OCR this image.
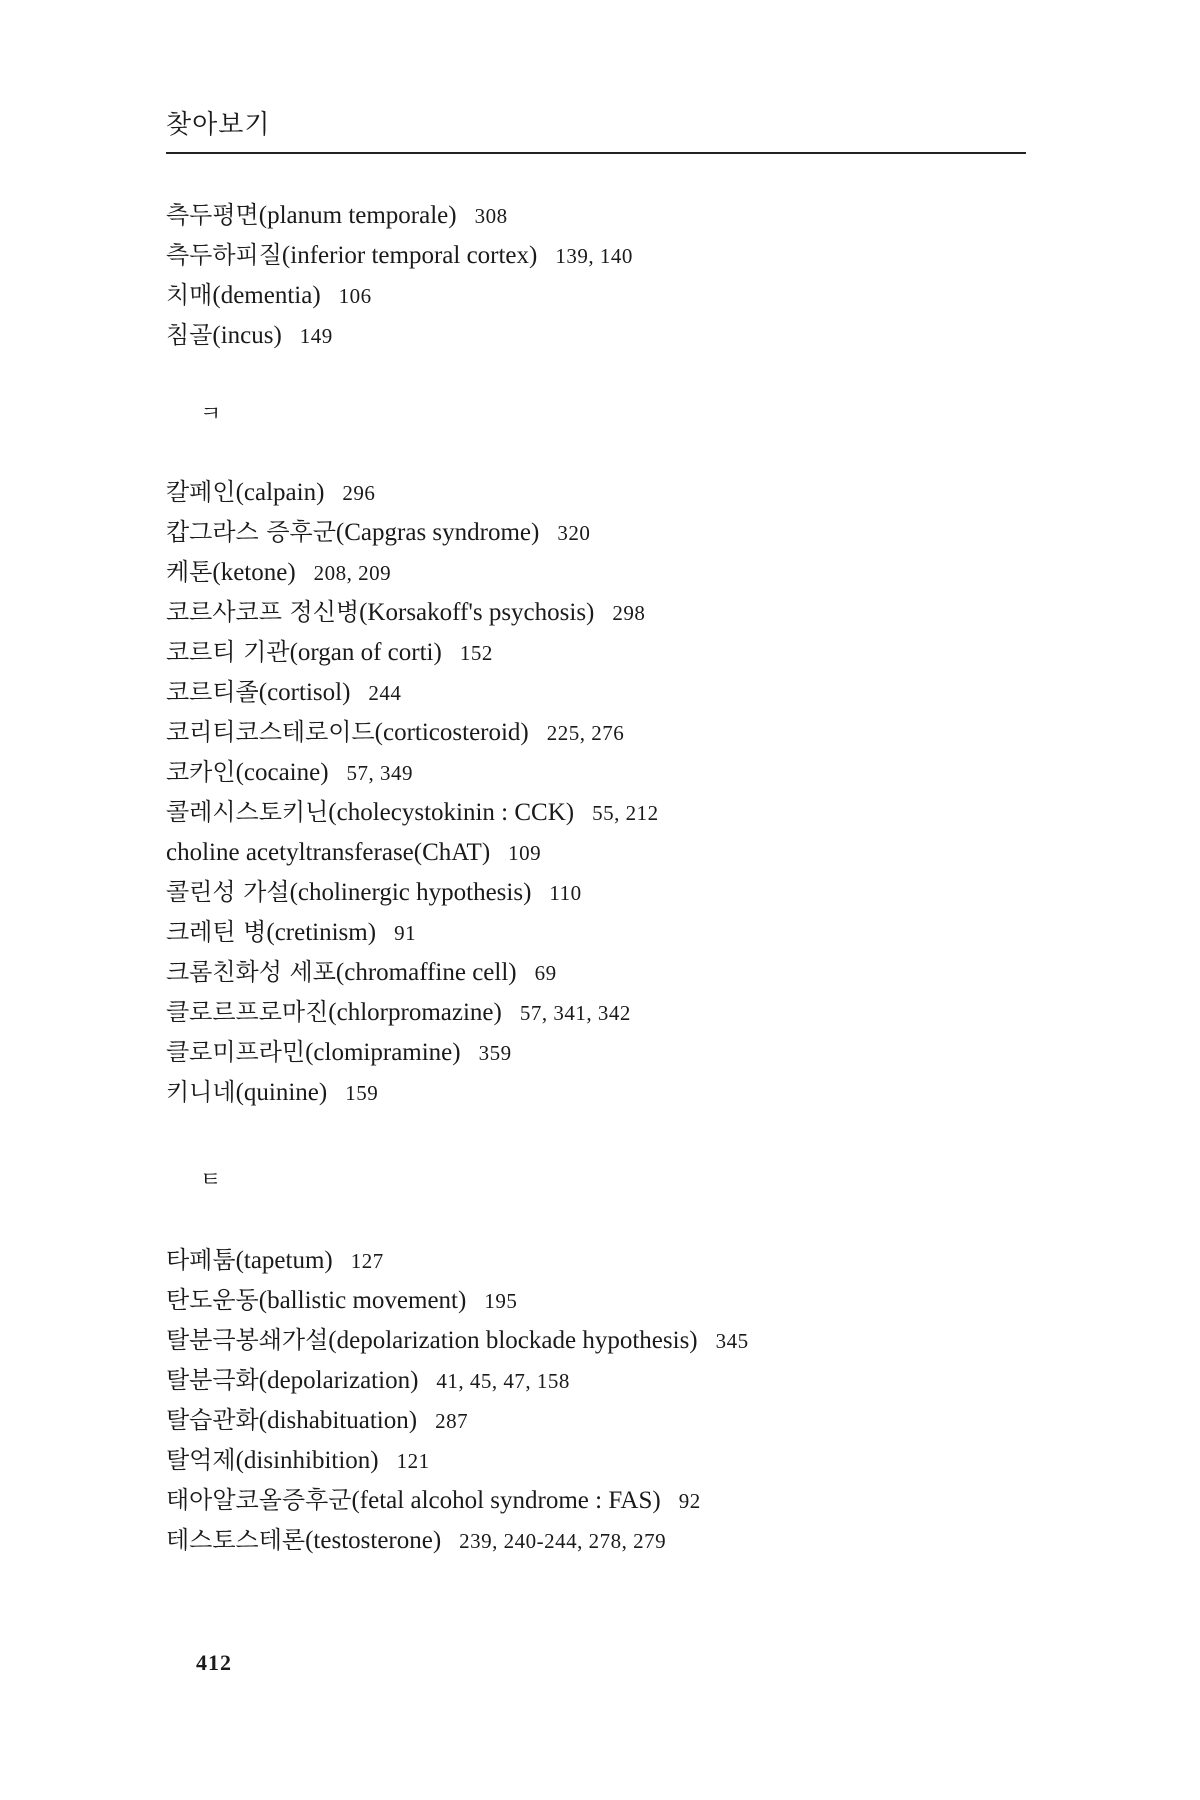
찾아보기
측두평면(planum temporale) 308
측두하피질(inferior temporal cortex) 139, 140
치매(dementia) 106
침골(incus) 149
ㅋ
칼페인(calpain) 296
캅그라스 증후군(Capgras syndrome) 320
케톤(ketone) 208, 209
코르사코프 정신병(Korsakoff's psychosis) 298
코르티 기관(organ of corti) 152
코르티졸(cortisol) 244
코리티코스테로이드(corticosteroid) 225, 276
코카인(cocaine) 57, 349
콜레시스토키닌(cholecystokinin : CCK) 55, 212
choline acetyltransferase(ChAT) 109
콜린성 가설(cholinergic hypothesis) 110
크레틴 병(cretinism) 91
크롬친화성 세포(chromaffine cell) 69
클로르프로마진(chlorpromazine) 57, 341, 342
클로미프라민(clomipramine) 359
키니네(quinine) 159
ㅌ
타페툼(tapetum) 127
탄도운동(ballistic movement) 195
탈분극봉쇄가설(depolarization blockade hypothesis) 345
탈분극화(depolarization) 41, 45, 47, 158
탈습관화(dishabituation) 287
탈억제(disinhibition) 121
태아알코올증후군(fetal alcohol syndrome : FAS) 92
테스토스테론(testosterone) 239, 240-244, 278, 279
412
